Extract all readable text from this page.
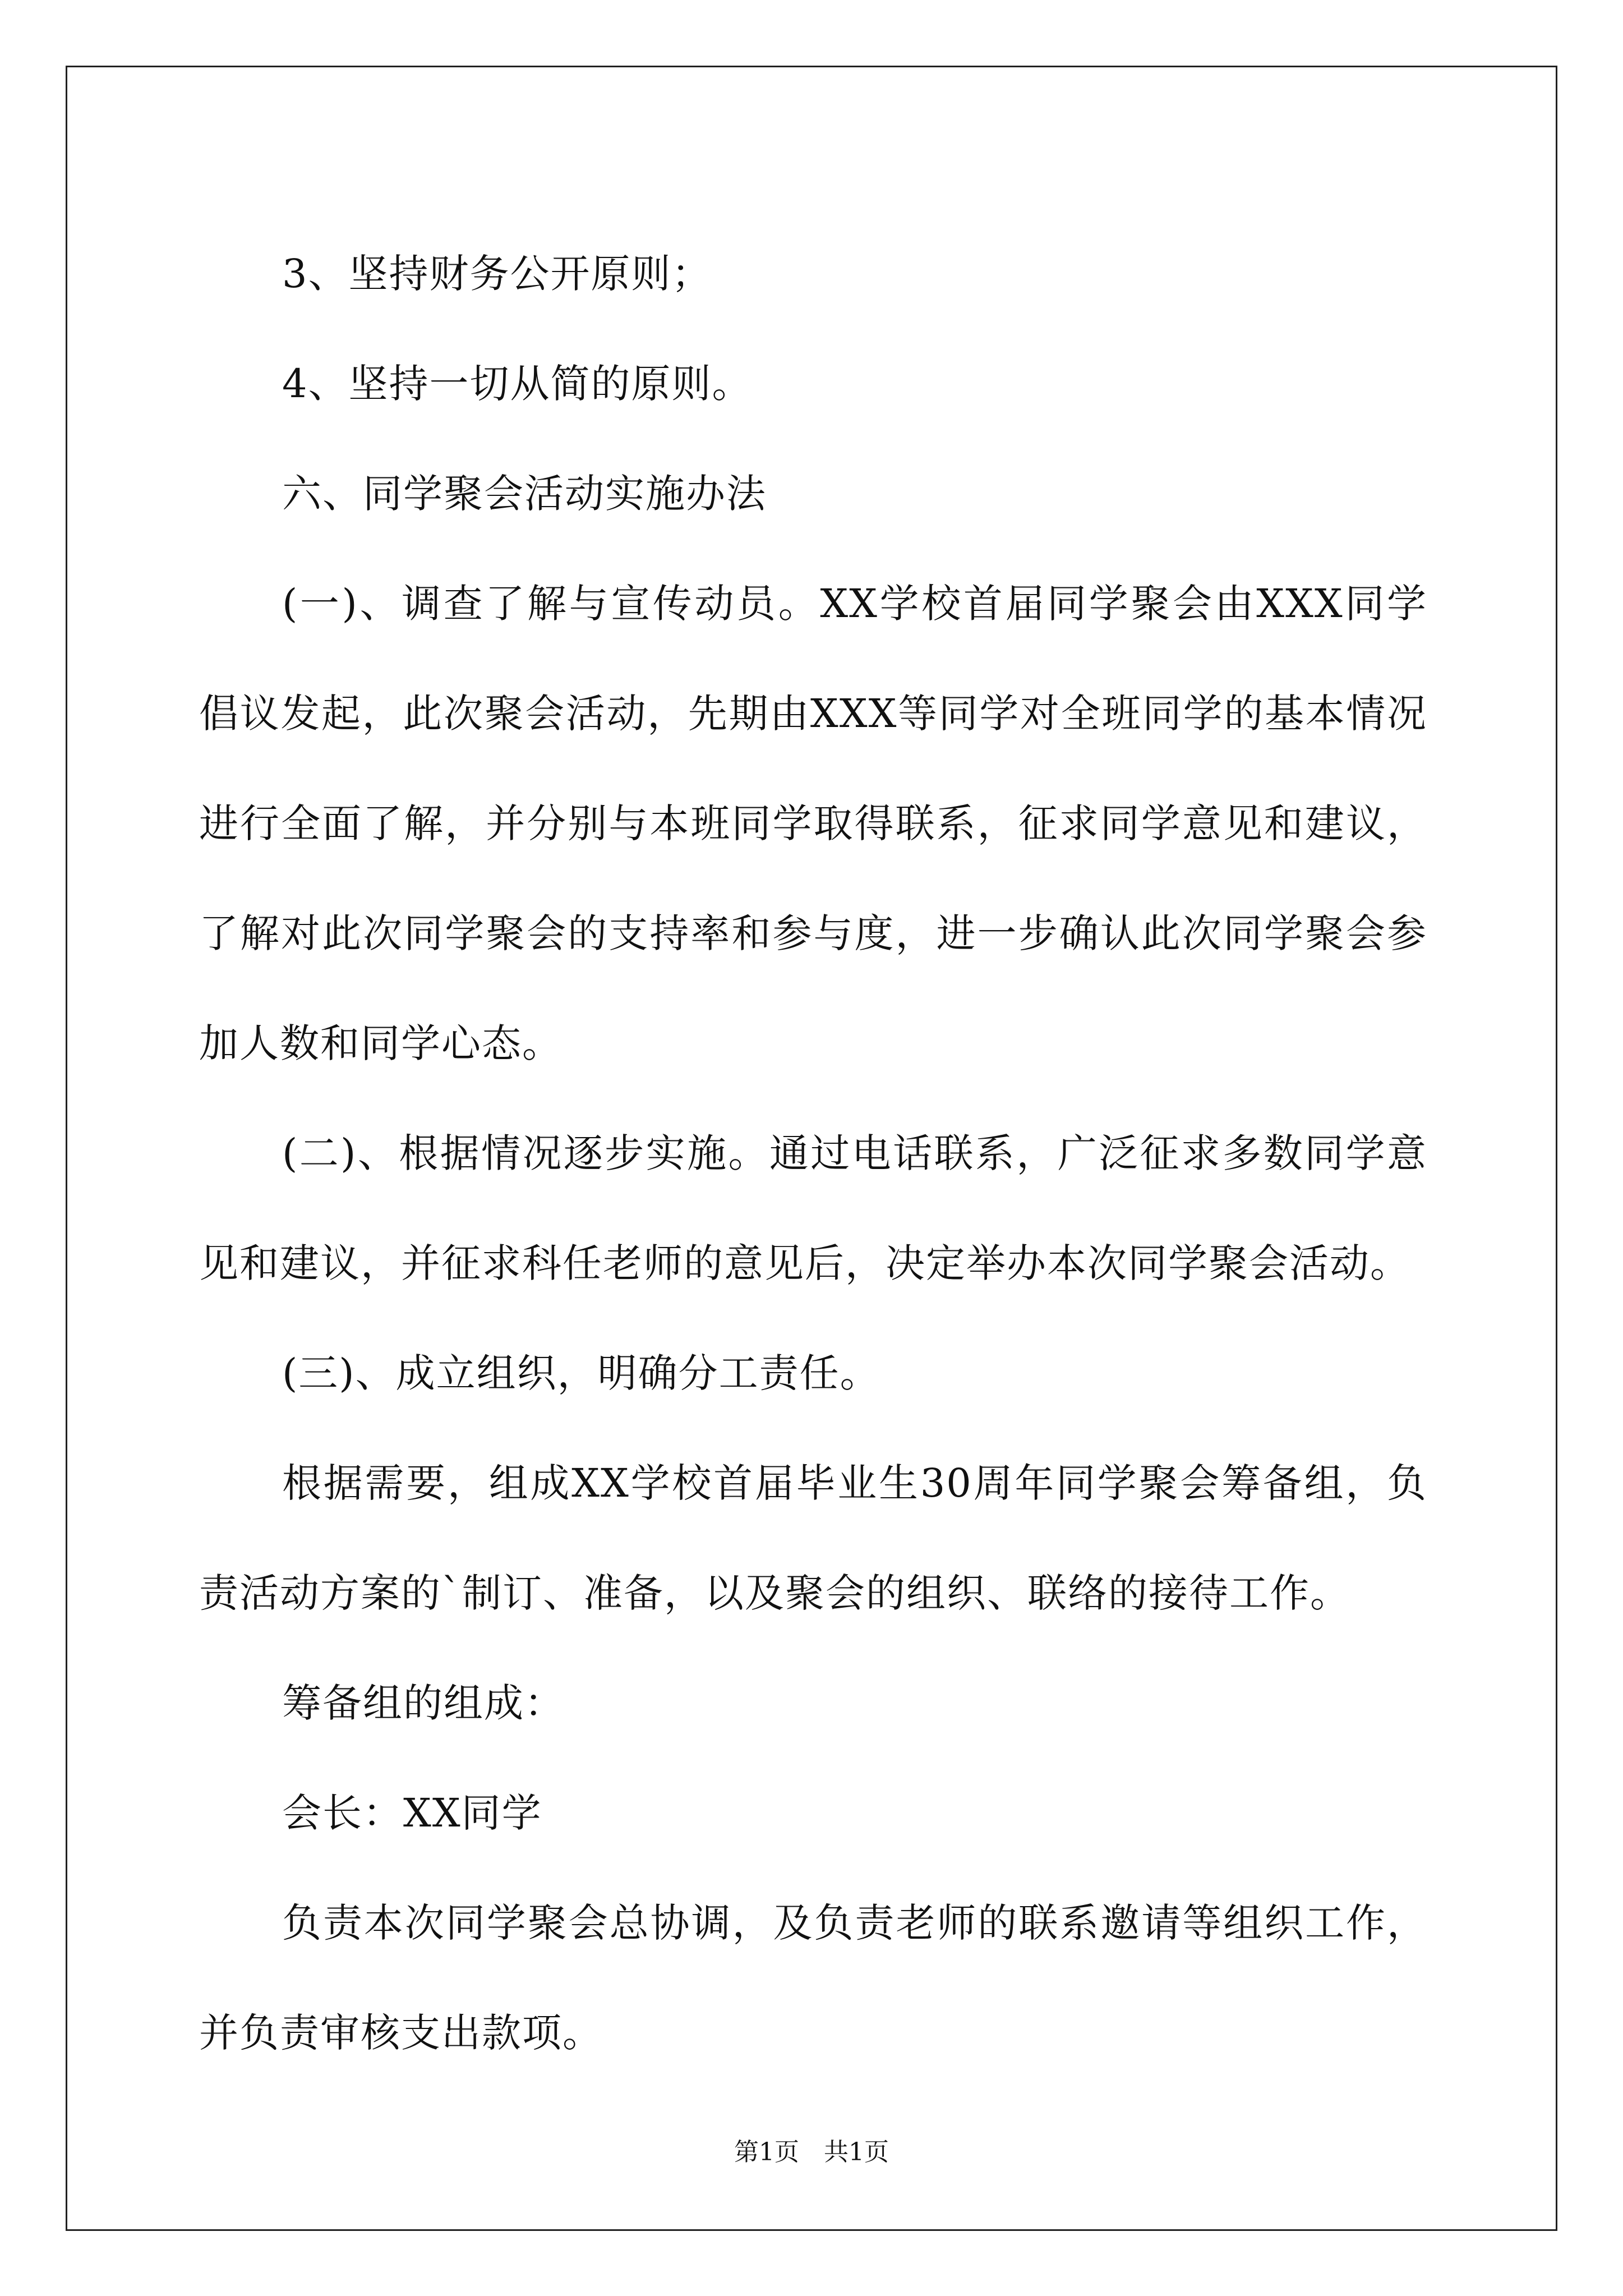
3、坚持财务公开原则；

4、坚持一切从简的原则。

六、同学聚会活动实施办法

(一)、调查了解与宣传动员。XX学校首届同学聚会由XXX同学倡议发起，此次聚会活动，先期由XXX等同学对全班同学的基本情况进行全面了解，并分别与本班同学取得联系，征求同学意见和建议，了解对此次同学聚会的支持率和参与度，进一步确认此次同学聚会参加人数和同学心态。

(二)、根据情况逐步实施。通过电话联系，广泛征求多数同学意见和建议，并征求科任老师的意见后，决定举办本次同学聚会活动。

(三)、成立组织，明确分工责任。

根据需要，组成XX学校首届毕业生30周年同学聚会筹备组，负责活动方案的`制订、准备，以及聚会的组织、联络的接待工作。

筹备组的组成：

会长：XX同学

负责本次同学聚会总协调，及负责老师的联系邀请等组织工作，并负责审核支出款项。

第1页　共1页
